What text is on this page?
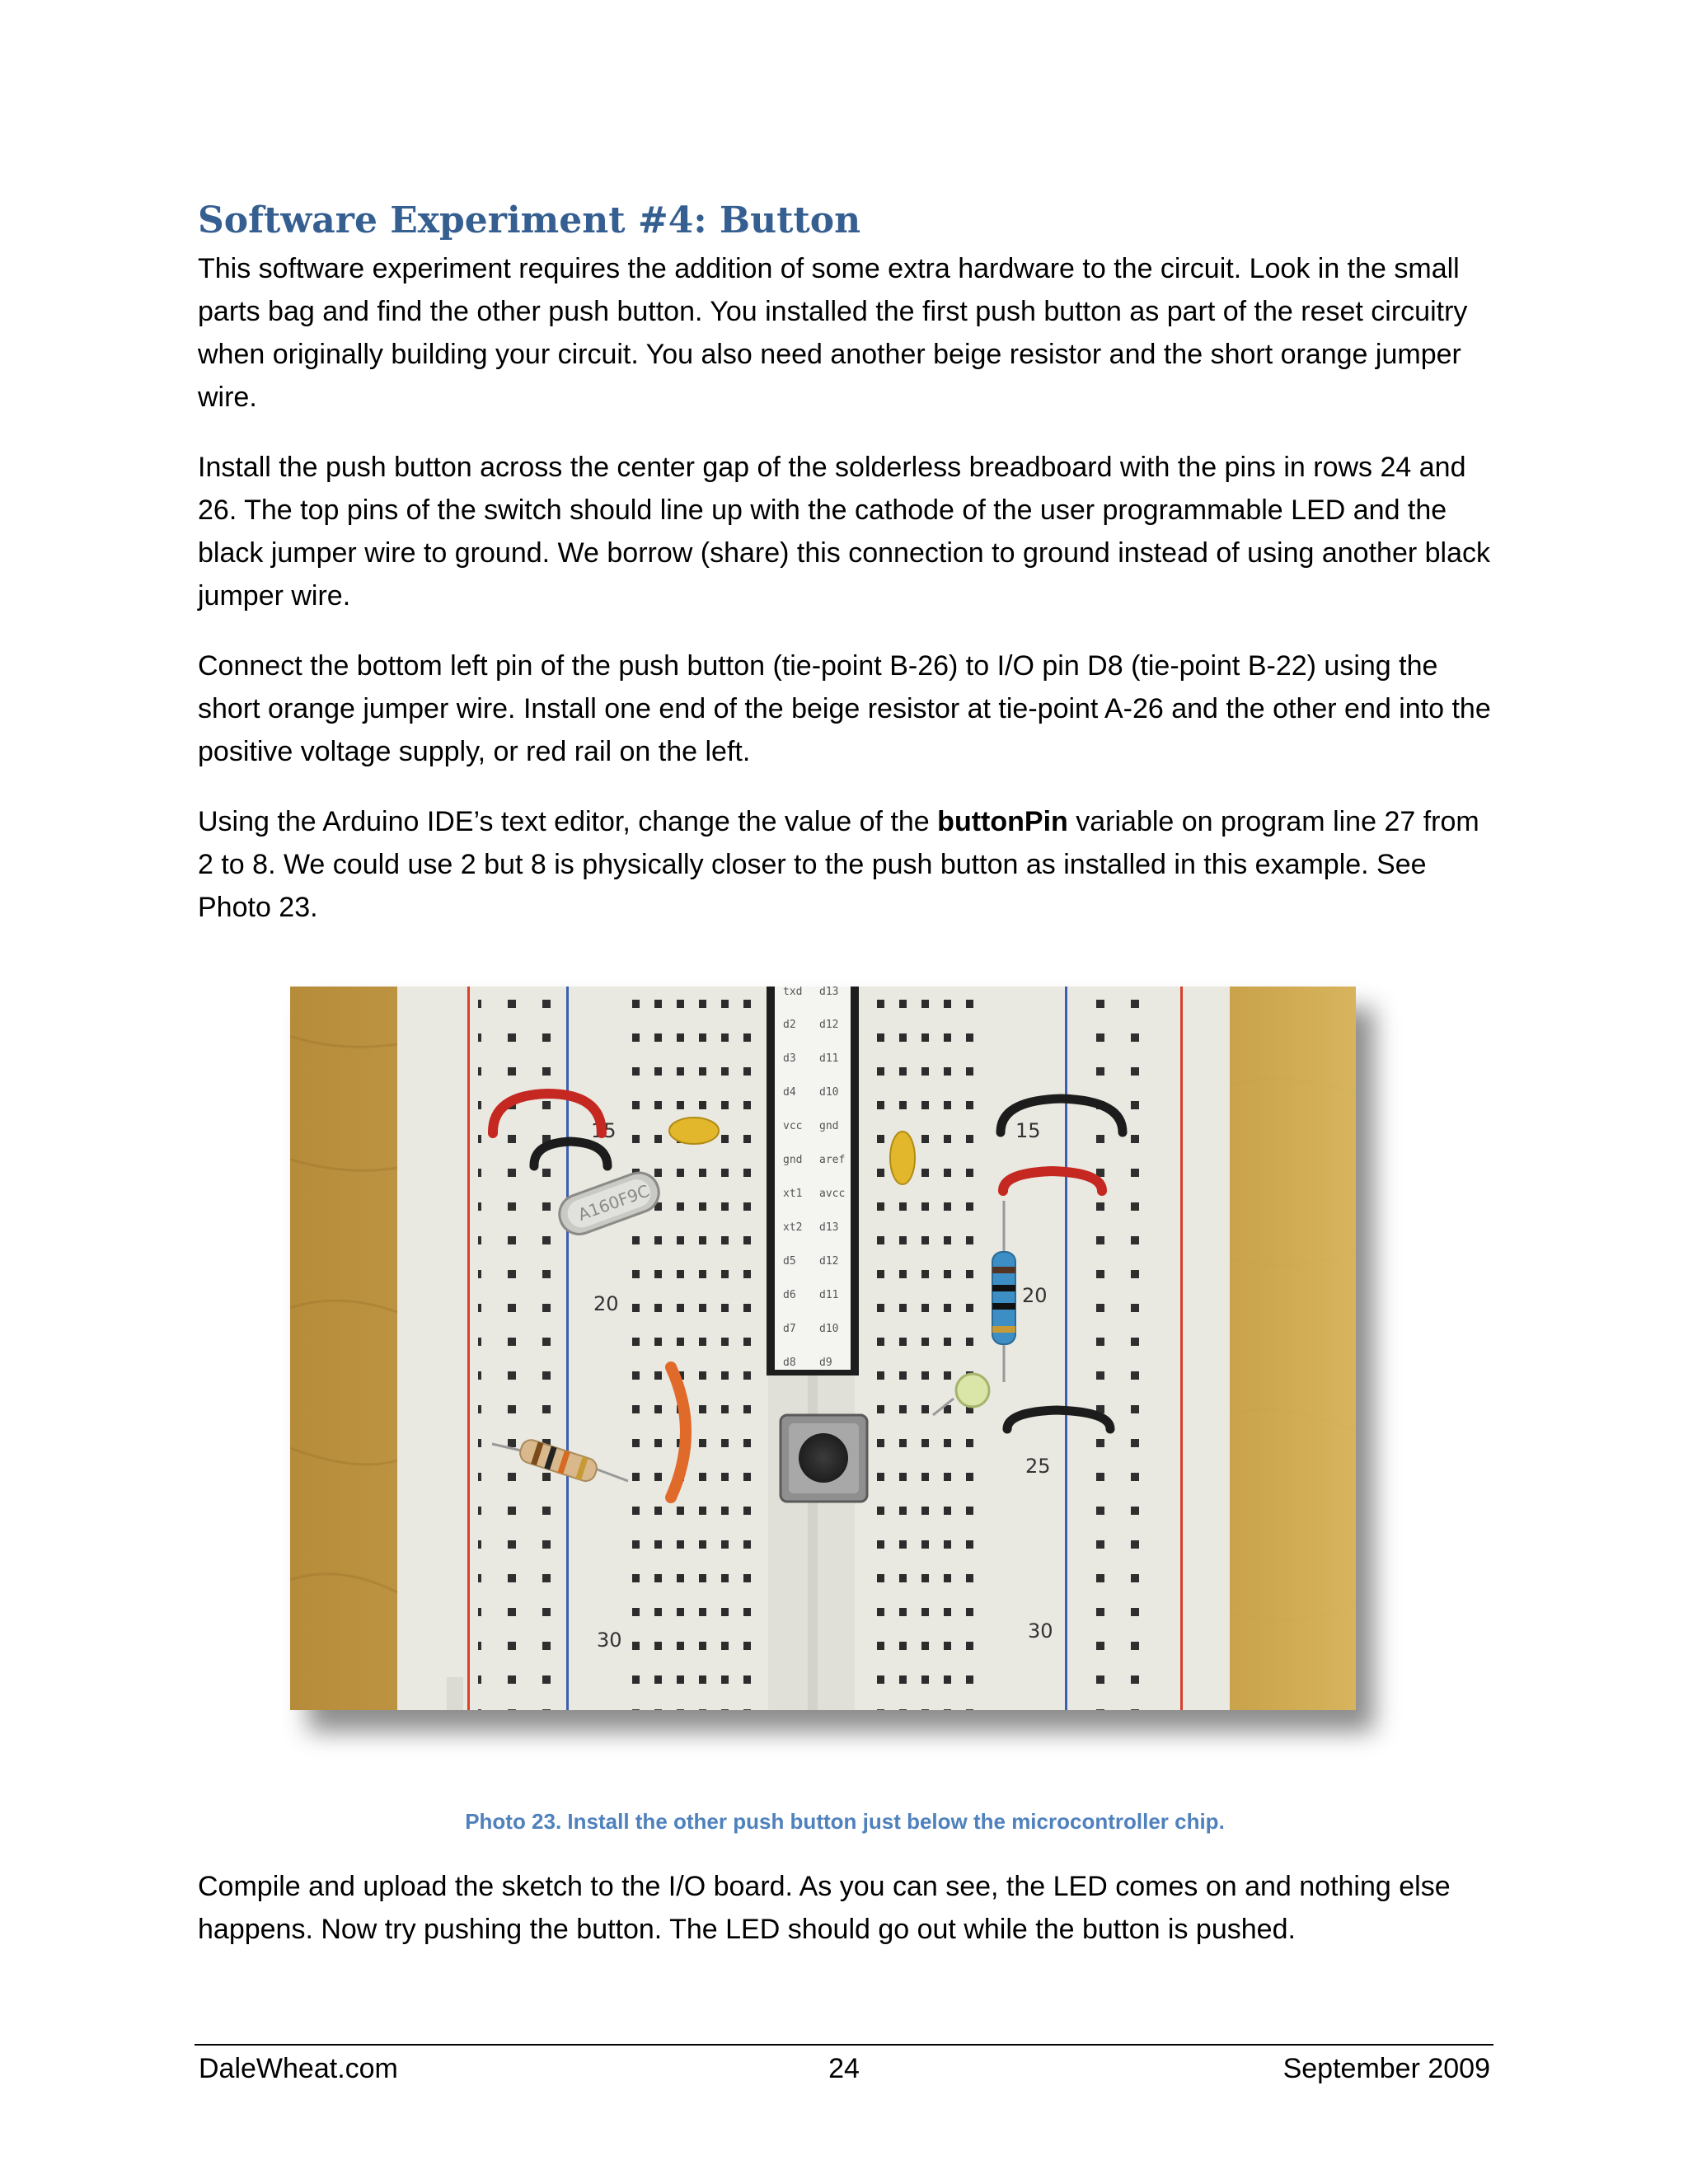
Software Experiment #4: Button

This software experiment requires the addition of some extra hardware to the circuit. Look in the small parts bag and find the other push button. You installed the first push button as part of the reset circuitry when originally building your circuit. You also need another beige resistor and the short orange jumper wire.

Install the push button across the center gap of the solderless breadboard with the pins in rows 24 and 26. The top pins of the switch should line up with the cathode of the user programmable LED and the black jumper wire to ground. We borrow (share) this connection to ground instead of using another black jumper wire.

Connect the bottom left pin of the push button (tie-point B-26) to I/O pin D8 (tie-point B-22) using the short orange jumper wire. Install one end of the beige resistor at tie-point A-26 and the other end into the positive voltage supply, or red rail on the left.

Using the Arduino IDE’s text editor, change the value of the buttonPin variable on program line 27 from 2 to 8. We could use 2 but 8 is physically closer to the push button as installed in this example. See Photo 23.

txd
d2
d3
d4
vcc
gnd
xt1
xt2
d5
d6
d7
d8
d13
d12
d11
d10
gnd
aref
avcc
d13
d12
d11
d10
d9
15	15
20	20
25
30	30
A160F9C

Photo 23. Install the other push button just below the microcontroller chip.

Compile and upload the sketch to the I/O board. As you can see, the LED comes on and nothing else happens. Now try pushing the button. The LED should go out while the button is pushed.

DaleWheat.com	24	September 2009
